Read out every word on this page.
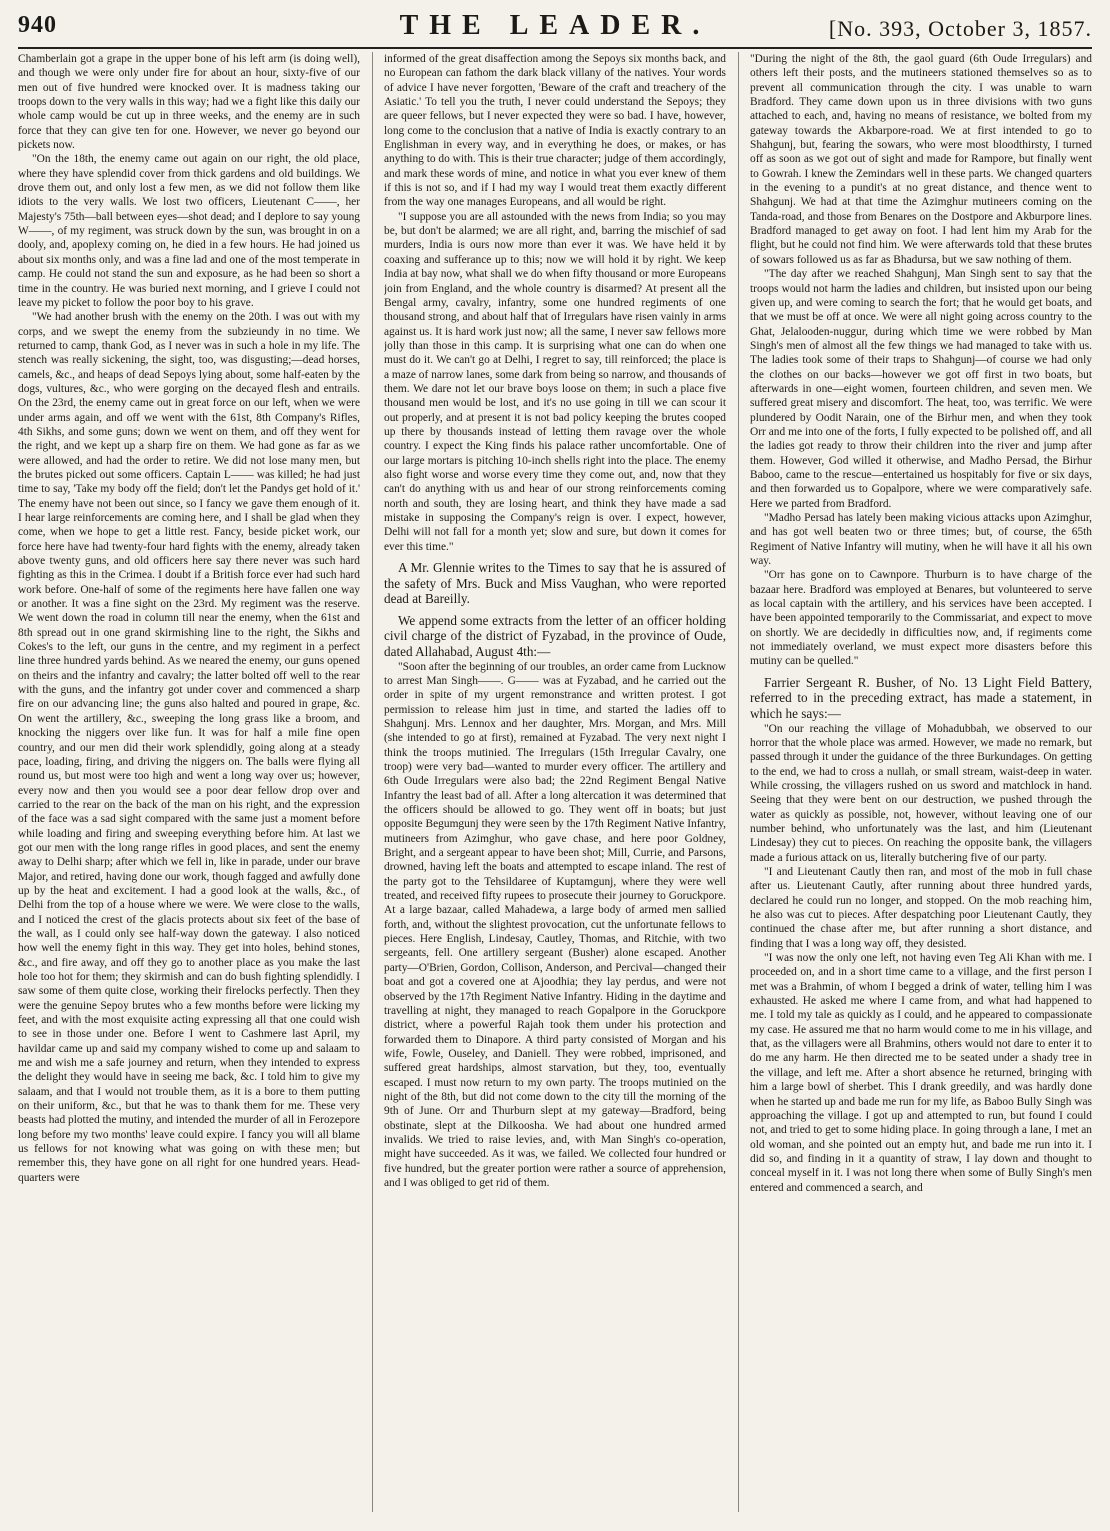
940	THE LEADER.	[No. 393, October 3, 1857.

Chamberlain got a grape in the upper bone of his left arm (is doing well), and though we were only under fire for about an hour, sixty-five of our men out of five hundred were knocked over. It is madness taking our troops down to the very walls in this way; had we a fight like this daily our whole camp would be cut up in three weeks, and the enemy are in such force that they can give ten for one. However, we never go beyond our pickets now.

"On the 18th, the enemy came out again on our right, the old place, where they have splendid cover from thick gardens and old buildings. We drove them out, and only lost a few men, as we did not follow them like idiots to the very walls. We lost two officers, Lieutenant C——, her Majesty's 75th—ball between eyes—shot dead; and I deplore to say young W——, of my regiment, was struck down by the sun, was brought in on a dooly, and, apoplexy coming on, he died in a few hours. He had joined us about six months only, and was a fine lad and one of the most temperate in camp. He could not stand the sun and exposure, as he had been so short a time in the country. He was buried next morning, and I grieve I could not leave my picket to follow the poor boy to his grave.

"We had another brush with the enemy on the 20th. I was out with my corps, and we swept the enemy from the subzieundy in no time. We returned to camp, thank God, as I never was in such a hole in my life. The stench was really sickening, the sight, too, was disgusting;—dead horses, camels, &c., and heaps of dead Sepoys lying about, some half-eaten by the dogs, vultures, &c., who were gorging on the decayed flesh and entrails. On the 23rd, the enemy came out in great force on our left, when we were under arms again, and off we went with the 61st, 8th Company's Rifles, 4th Sikhs, and some guns; down we went on them, and off they went for the right, and we kept up a sharp fire on them. We had gone as far as we were allowed, and had the order to retire. We did not lose many men, but the brutes picked out some officers. Captain L—— was killed; he had just time to say, 'Take my body off the field; don't let the Pandys get hold of it.' The enemy have not been out since, so I fancy we gave them enough of it. I hear large reinforcements are coming here, and I shall be glad when they come, when we hope to get a little rest. Fancy, beside picket work, our force here have had twenty-four hard fights with the enemy, already taken above twenty guns, and old officers here say there never was such hard fighting as this in the Crimea. I doubt if a British force ever had such hard work before. One-half of some of the regiments here have fallen one way or another. It was a fine sight on the 23rd. My regiment was the reserve. We went down the road in column till near the enemy, when the 61st and 8th spread out in one grand skirmishing line to the right, the Sikhs and Cokes's to the left, our guns in the centre, and my regiment in a perfect line three hundred yards behind. As we neared the enemy, our guns opened on theirs and the infantry and cavalry; the latter bolted off well to the rear with the guns, and the infantry got under cover and commenced a sharp fire on our advancing line; the guns also halted and poured in grape, &c. On went the artillery, &c., sweeping the long grass like a broom, and knocking the niggers over like fun. It was for half a mile fine open country, and our men did their work splendidly, going along at a steady pace, loading, firing, and driving the niggers on. The balls were flying all round us, but most were too high and went a long way over us; however, every now and then you would see a poor dear fellow drop over and carried to the rear on the back of the man on his right, and the expression of the face was a sad sight compared with the same just a moment before while loading and firing and sweeping everything before him. At last we got our men with the long range rifles in good places, and sent the enemy away to Delhi sharp; after which we fell in, like in parade, under our brave Major, and retired, having done our work, though fagged and awfully done up by the heat and excitement. I had a good look at the walls, &c., of Delhi from the top of a house where we were. We were close to the walls, and I noticed the crest of the glacis protects about six feet of the base of the wall, as I could only see half-way down the gateway. I also noticed how well the enemy fight in this way. They get into holes, behind stones, &c., and fire away, and off they go to another place as you make the last hole too hot for them; they skirmish and can do bush fighting splendidly. I saw some of them quite close, working their firelocks perfectly. Then they were the genuine Sepoy brutes who a few months before were licking my feet, and with the most exquisite acting expressing all that one could wish to see in those under one. Before I went to Cashmere last April, my havildar came up and said my company wished to come up and salaam to me and wish me a safe journey and return, when they intended to express the delight they would have in seeing me back, &c. I told him to give my salaam, and that I would not trouble them, as it is a bore to them putting on their uniform, &c., but that he was to thank them for me. These very beasts had plotted the mutiny, and intended the murder of all in Ferozepore long before my two months' leave could expire. I fancy you will all blame us fellows for not knowing what was going on with these men; but remember this, they have gone on all right for one hundred years. Head-quarters were

informed of the great disaffection among the Sepoys six months back, and no European can fathom the dark black villany of the natives. Your words of advice I have never forgotten, 'Beware of the craft and treachery of the Asiatic.' To tell you the truth, I never could understand the Sepoys; they are queer fellows, but I never expected they were so bad. I have, however, long come to the conclusion that a native of India is exactly contrary to an Englishman in every way, and in everything he does, or makes, or has anything to do with. This is their true character; judge of them accordingly, and mark these words of mine, and notice in what you ever knew of them if this is not so, and if I had my way I would treat them exactly different from the way one manages Europeans, and all would be right.

"I suppose you are all astounded with the news from India; so you may be, but don't be alarmed; we are all right, and, barring the mischief of sad murders, India is ours now more than ever it was. We have held it by coaxing and sufferance up to this; now we will hold it by right. We keep India at bay now, what shall we do when fifty thousand or more Europeans join from England, and the whole country is disarmed? At present all the Bengal army, cavalry, infantry, some one hundred regiments of one thousand strong, and about half that of Irregulars have risen vainly in arms against us. It is hard work just now; all the same, I never saw fellows more jolly than those in this camp. It is surprising what one can do when one must do it. We can't go at Delhi, I regret to say, till reinforced; the place is a maze of narrow lanes, some dark from being so narrow, and thousands of them. We dare not let our brave boys loose on them; in such a place five thousand men would be lost, and it's no use going in till we can scour it out properly, and at present it is not bad policy keeping the brutes cooped up there by thousands instead of letting them ravage over the whole country. I expect the King finds his palace rather uncomfortable. One of our large mortars is pitching 10-inch shells right into the place. The enemy also fight worse and worse every time they come out, and, now that they can't do anything with us and hear of our strong reinforcements coming north and south, they are losing heart, and think they have made a sad mistake in supposing the Company's reign is over. I expect, however, Delhi will not fall for a month yet; slow and sure, but down it comes for ever this time."

A Mr. Glennie writes to the Times to say that he is assured of the safety of Mrs. Buck and Miss Vaughan, who were reported dead at Bareilly.

We append some extracts from the letter of an officer holding civil charge of the district of Fyzabad, in the province of Oude, dated Allahabad, August 4th:—

"Soon after the beginning of our troubles, an order came from Lucknow to arrest Man Singh——. G—— was at Fyzabad, and he carried out the order in spite of my urgent remonstrance and written protest. I got permission to release him just in time, and started the ladies off to Shahgunj. Mrs. Lennox and her daughter, Mrs. Morgan, and Mrs. Mill (she intended to go at first), remained at Fyzabad. The very next night I think the troops mutinied. The Irregulars (15th Irregular Cavalry, one troop) were very bad—wanted to murder every officer. The artillery and 6th Oude Irregulars were also bad; the 22nd Regiment Bengal Native Infantry the least bad of all. After a long altercation it was determined that the officers should be allowed to go. They went off in boats; but just opposite Begumgunj they were seen by the 17th Regiment Native Infantry, mutineers from Azimghur, who gave chase, and here poor Goldney, Bright, and a sergeant appear to have been shot; Mill, Currie, and Parsons, drowned, having left the boats and attempted to escape inland. The rest of the party got to the Tehsildaree of Kuptamgunj, where they were well treated, and received fifty rupees to prosecute their journey to Goruckpore. At a large bazaar, called Mahadewa, a large body of armed men sallied forth, and, without the slightest provocation, cut the unfortunate fellows to pieces. Here English, Lindesay, Cautley, Thomas, and Ritchie, with two sergeants, fell. One artillery sergeant (Busher) alone escaped. Another party—O'Brien, Gordon, Collison, Anderson, and Percival—changed their boat and got a covered one at Ajoodhia; they lay perdus, and were not observed by the 17th Regiment Native Infantry. Hiding in the daytime and travelling at night, they managed to reach Gopalpore in the Goruckpore district, where a powerful Rajah took them under his protection and forwarded them to Dinapore. A third party consisted of Morgan and his wife, Fowle, Ouseley, and Daniell. They were robbed, imprisoned, and suffered great hardships, almost starvation, but they, too, eventually escaped. I must now return to my own party. The troops mutinied on the night of the 8th, but did not come down to the city till the morning of the 9th of June. Orr and Thurburn slept at my gateway—Bradford, being obstinate, slept at the Dilkoosha. We had about one hundred armed invalids. We tried to raise levies, and, with Man Singh's co-operation, might have succeeded. As it was, we failed. We collected four hundred or five hundred, but the greater portion were rather a source of apprehension, and I was obliged to get rid of them.

"During the night of the 8th, the gaol guard (6th Oude Irregulars) and others left their posts, and the mutineers stationed themselves so as to prevent all communication through the city. I was unable to warn Bradford. They came down upon us in three divisions with two guns attached to each, and, having no means of resistance, we bolted from my gateway towards the Akbarpore-road. We at first intended to go to Shahgunj, but, fearing the sowars, who were most bloodthirsty, I turned off as soon as we got out of sight and made for Rampore, but finally went to Gowrah. I knew the Zemindars well in these parts. We changed quarters in the evening to a pundit's at no great distance, and thence went to Shahgunj. We had at that time the Azimghur mutineers coming on the Tanda-road, and those from Benares on the Dostpore and Akburpore lines. Bradford managed to get away on foot. I had lent him my Arab for the flight, but he could not find him. We were afterwards told that these brutes of sowars followed us as far as Bhadursa, but we saw nothing of them.

"The day after we reached Shahgunj, Man Singh sent to say that the troops would not harm the ladies and children, but insisted upon our being given up, and were coming to search the fort; that he would get boats, and that we must be off at once. We were all night going across country to the Ghat, Jelalooden-nuggur, during which time we were robbed by Man Singh's men of almost all the few things we had managed to take with us. The ladies took some of their traps to Shahgunj—of course we had only the clothes on our backs—however we got off first in two boats, but afterwards in one—eight women, fourteen children, and seven men. We suffered great misery and discomfort. The heat, too, was terrific. We were plundered by Oodit Narain, one of the Birhur men, and when they took Orr and me into one of the forts, I fully expected to be polished off, and all the ladies got ready to throw their children into the river and jump after them. However, God willed it otherwise, and Madho Persad, the Birhur Baboo, came to the rescue—entertained us hospitably for five or six days, and then forwarded us to Gopalpore, where we were comparatively safe. Here we parted from Bradford.

"Madho Persad has lately been making vicious attacks upon Azimghur, and has got well beaten two or three times; but, of course, the 65th Regiment of Native Infantry will mutiny, when he will have it all his own way.

"Orr has gone on to Cawnpore. Thurburn is to have charge of the bazaar here. Bradford was employed at Benares, but volunteered to serve as local captain with the artillery, and his services have been accepted. I have been appointed temporarily to the Commissariat, and expect to move on shortly. We are decidedly in difficulties now, and, if regiments come not immediately overland, we must expect more disasters before this mutiny can be quelled."

Farrier Sergeant R. Busher, of No. 13 Light Field Battery, referred to in the preceding extract, has made a statement, in which he says:—

"On our reaching the village of Mohadubbah, we observed to our horror that the whole place was armed. However, we made no remark, but passed through it under the guidance of the three Burkundages. On getting to the end, we had to cross a nullah, or small stream, waist-deep in water. While crossing, the villagers rushed on us sword and matchlock in hand. Seeing that they were bent on our destruction, we pushed through the water as quickly as possible, not, however, without leaving one of our number behind, who unfortunately was the last, and him (Lieutenant Lindesay) they cut to pieces. On reaching the opposite bank, the villagers made a furious attack on us, literally butchering five of our party.

"I and Lieutenant Cautly then ran, and most of the mob in full chase after us. Lieutenant Cautly, after running about three hundred yards, declared he could run no longer, and stopped. On the mob reaching him, he also was cut to pieces. After despatching poor Lieutenant Cautly, they continued the chase after me, but after running a short distance, and finding that I was a long way off, they desisted.

"I was now the only one left, not having even Teg Ali Khan with me. I proceeded on, and in a short time came to a village, and the first person I met was a Brahmin, of whom I begged a drink of water, telling him I was exhausted. He asked me where I came from, and what had happened to me. I told my tale as quickly as I could, and he appeared to compassionate my case. He assured me that no harm would come to me in his village, and that, as the villagers were all Brahmins, others would not dare to enter it to do me any harm. He then directed me to be seated under a shady tree in the village, and left me. After a short absence he returned, bringing with him a large bowl of sherbet. This I drank greedily, and was hardly done when he started up and bade me run for my life, as Baboo Bully Singh was approaching the village. I got up and attempted to run, but found I could not, and tried to get to some hiding place. In going through a lane, I met an old woman, and she pointed out an empty hut, and bade me run into it. I did so, and finding in it a quantity of straw, I lay down and thought to conceal myself in it. I was not long there when some of Bully Singh's men entered and commenced a search, and
